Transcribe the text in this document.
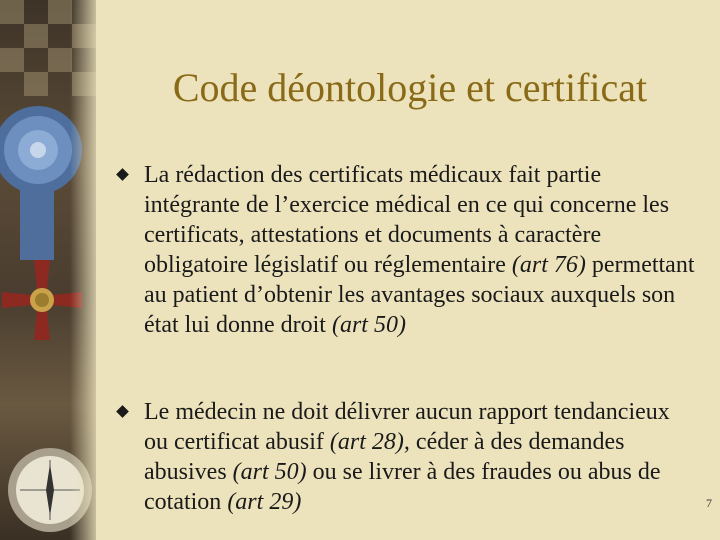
Code déontologie et certificat
La rédaction des certificats médicaux fait partie intégrante de l’exercice médical en ce qui concerne les certificats, attestations et documents à caractère obligatoire législatif ou réglementaire (art 76) permettant au patient d’obtenir les avantages sociaux auxquels son état lui donne droit (art 50)
Le médecin ne doit délivrer aucun rapport tendancieux ou certificat abusif (art 28), céder à des demandes abusives (art 50) ou se livrer à des fraudes ou abus de cotation (art 29)	7
